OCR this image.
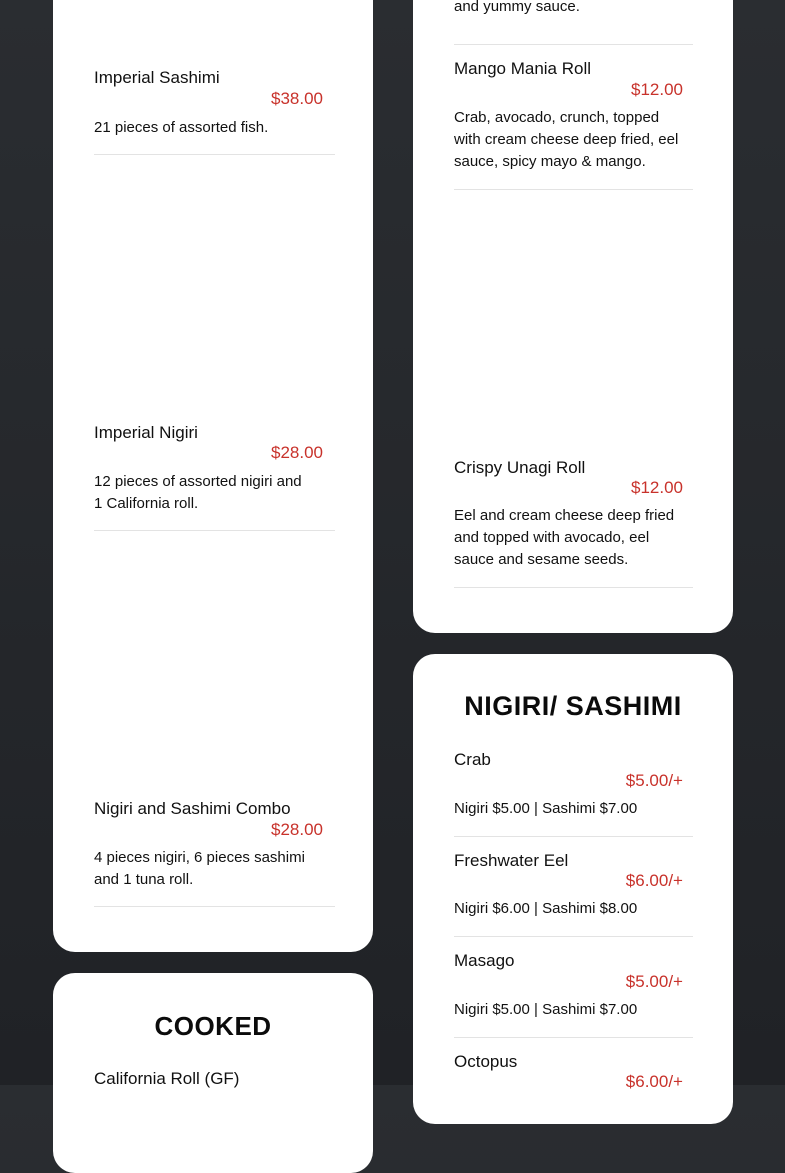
Imperial Sashimi
$38.00
21 pieces of assorted fish.
Imperial Nigiri
$28.00
12 pieces of assorted nigiri and 1 California roll.
Nigiri and Sashimi Combo
$28.00
4 pieces nigiri, 6 pieces sashimi and 1 tuna roll.
COOKED
California Roll (GF)
and yummy sauce.
Mango Mania Roll
$12.00
Crab, avocado, crunch, topped with cream cheese deep fried, eel sauce, spicy mayo & mango.
Crispy Unagi Roll
$12.00
Eel and cream cheese deep fried and topped with avocado, eel sauce and sesame seeds.
NIGIRI/ SASHIMI
Crab
$5.00/+
Nigiri $5.00 | Sashimi $7.00
Freshwater Eel
$6.00/+
Nigiri $6.00 | Sashimi $8.00
Masago
$5.00/+
Nigiri $5.00 | Sashimi $7.00
Octopus
$6.00/+
